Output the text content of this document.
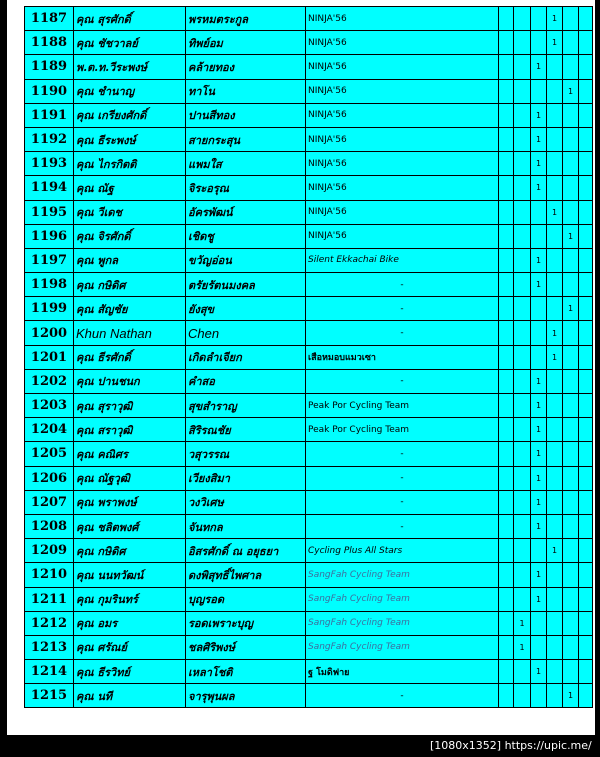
1187	คุณ สุรศักดิ์	พรหมตระกูล	NINJA'56				1		
1188	คุณ ชัชวาลย์	ทิพย์อม	NINJA'56				1		
1189	พ.ต.ท.วีระพงษ์	คล้ายทอง	NINJA'56			1			
1190	คุณ ชำนาญ	ทาโน	NINJA'56					1	
1191	คุณ เกรียงศักดิ์	ปานสีทอง	NINJA'56			1			
1192	คุณ ธีระพงษ์	สายกระสุน	NINJA'56			1			
1193	คุณ ไกรกิตติ	แพมใส	NINJA'56			1			
1194	คุณ ณัฐ	จิระอรุณ	NINJA'56			1			
1195	คุณ วีเดช	อัครพัฒน์	NINJA'56				1		
1196	คุณ จิรศักดิ์	เชิดชู	NINJA'56					1	
1197	คุณ พูกล	ขวัญอ่อน	Silent Ekkachai Bike			1			
1198	คุณ กษิดิศ	ตรัยรัตนมงคล	-			1			
1199	คุณ สัญชัย	ยังสุข	-					1	
1200	Khun Nathan	Chen	-				1		
1201	คุณ ธีรศักดิ์	เกิดลำเจียก	เสือหมอบแมวเซา				1		
1202	คุณ ปานชนก	คำสอ	-			1			
1203	คุณ สุราวุฒิ	สุขสำราญ	Peak Por Cycling Team			1			
1204	คุณ สราวุฒิ	สิริรณชัย	Peak Por Cycling Team			1			
1205	คุณ คณิศร	วสุวรรณ	-			1			
1206	คุณ ณัฐวุฒิ	เวียงสิมา	-			1			
1207	คุณ พราพงษ์	วงวิเศษ	-			1			
1208	คุณ ชลิตพงศ์	จันทกล	-			1			
1209	คุณ กษิดิศ	อิสรศักดิ์ ณ อยุธยา	Cycling Plus All Stars				1		
1210	คุณ นนทวัฒน์	ดงพิสุทธิ์ไพศาล	SangFah Cycling Team			1			
1211	คุณ กุมรินทร์	บุญรอด	SangFah Cycling Team			1			
1212	คุณ อมร	รอดเพราะบุญ	SangFah Cycling Team		1				
1213	คุณ ศรัณย์	ชลศิริพงษ์	SangFah Cycling Team		1				
1214	คุณ ธีรวิทย์	เหลาโชติ	ฐ โมดิฟาย			1			
1215	คุณ นที	จารุพุนผล	-					1	
[1080x1352] https://upic.me/
